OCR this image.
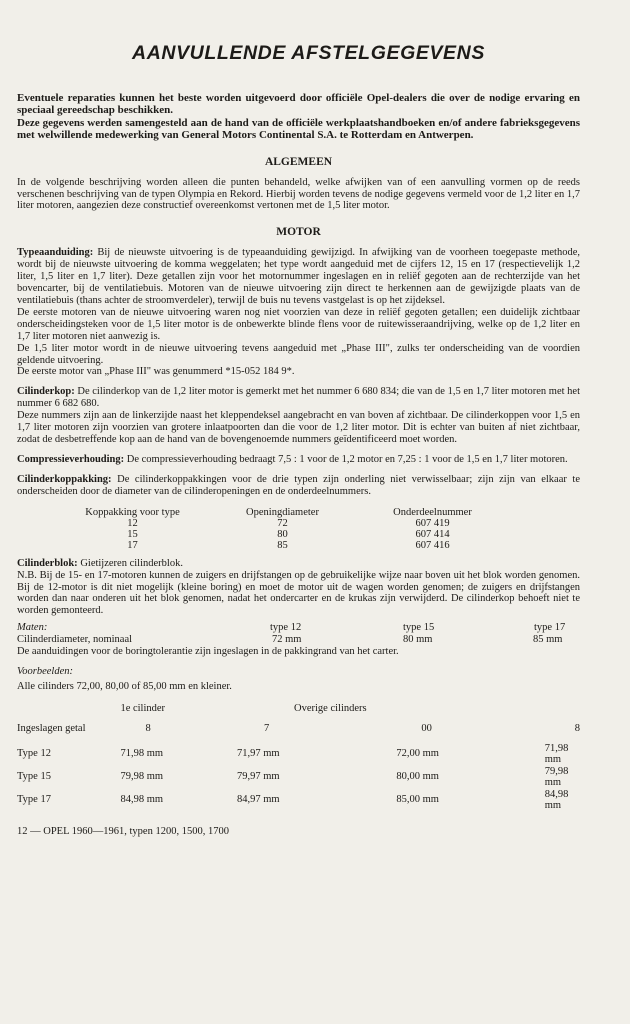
AANVULLENDE AFSTELGEGEVENS

Eventuele reparaties kunnen het beste worden uitgevoerd door officiële Opel-dealers die over de nodige ervaring en speciaal gereedschap beschikken.

Deze gegevens werden samengesteld aan de hand van de officiële werkplaatshandboeken en/of andere fabrieksgegevens met welwillende medewerking van General Motors Continental S.A. te Rotterdam en Antwerpen.

ALGEMEEN

In de volgende beschrijving worden alleen die punten behandeld, welke afwijken van of een aanvulling vormen op de reeds verschenen beschrijving van de typen Olympia en Rekord. Hierbij worden tevens de nodige gegevens vermeld voor de 1,2 liter en 1,7 liter motoren, aangezien deze constructief overeenkomst vertonen met de 1,5 liter motor.

MOTOR

Typeaanduiding: Bij de nieuwste uitvoering is de typeaanduiding gewijzigd. In afwijking van de voorheen toegepaste methode, wordt bij de nieuwste uitvoering de komma weggelaten; het type wordt aangeduid met de cijfers 12, 15 en 17 (respectievelijk 1,2 liter, 1,5 liter en 1,7 liter). Deze getallen zijn voor het motornummer ingeslagen en in reliëf gegoten aan de rechterzijde van het bovencarter, bij de ventilatiebuis. Motoren van de nieuwe uitvoering zijn direct te herkennen aan de gewijzigde plaats van de ventilatiebuis (thans achter de stroomverdeler), terwijl de buis nu tevens vastgelast is op het zijdeksel.

De eerste motoren van de nieuwe uitvoering waren nog niet voorzien van deze in reliëf gegoten getallen; een duidelijk zichtbaar onderscheidingsteken voor de 1,5 liter motor is de onbewerkte blinde flens voor de ruitewisseraandrijving, welke op de 1,2 liter en 1,7 liter motoren niet aanwezig is.

De 1,5 liter motor wordt in de nieuwe uitvoering tevens aangeduid met „Phase III", zulks ter onderscheiding van de voordien geldende uitvoering.

De eerste motor van „Phase III" was genummerd *15-052 184 9*.

Cilinderkop: De cilinderkop van de 1,2 liter motor is gemerkt met het nummer 6 680 834; die van de 1,5 en 1,7 liter motoren met het nummer 6 682 680.

Deze nummers zijn aan de linkerzijde naast het kleppendeksel aangebracht en van boven af zichtbaar. De cilinderkoppen voor 1,5 en 1,7 liter motoren zijn voorzien van grotere inlaatpoorten dan die voor de 1,2 liter motor. Dit is echter van buiten af niet zichtbaar, zodat de desbetreffende kop aan de hand van de bovengenoemde nummers geïdentificeerd moet worden.

Compressieverhouding: De compressieverhouding bedraagt 7,5 : 1 voor de 1,2 motor en 7,25 : 1 voor de 1,5 en 1,7 liter motoren.

Cilinderkoppakking: De cilinderkoppakkingen voor de drie typen zijn onderling niet verwisselbaar; zijn zijn van elkaar te onderscheiden door de diameter van de cilinderopeningen en de onderdeelnummers.

Koppakking voor type	Openingdiameter	Onderdeelnummer
12	72	607 419
15	80	607 414
17	85	607 416

Cilinderblok: Gietijzeren cilinderblok.

N.B. Bij de 15- en 17-motoren kunnen de zuigers en drijfstangen op de gebruikelijke wijze naar boven uit het blok worden genomen. Bij de 12-motor is dit niet mogelijk (kleine boring) en moet de motor uit de wagen worden genomen; de zuigers en drijfstangen worden dan naar onderen uit het blok genomen, nadat het ondercarter en de krukas zijn verwijderd. De cilinderkop behoeft niet te worden gemonteerd.

Maten:	type 12	type 15	type 17
Cilinderdiameter, nominaal	72 mm	80 mm	85 mm

De aanduidingen voor de boringtolerantie zijn ingeslagen in de pakkingrand van het carter.

Voorbeelden:

Alle cilinders 72,00, 80,00 of 85,00 mm en kleiner.

	1e cilinder	Overige cilinders		
Ingeslagen getal	8	7	00	8
Type 12	71,98 mm	71,97 mm	72,00 mm	71,98 mm
Type 15	79,98 mm	79,97 mm	80,00 mm	79,98 mm
Type 17	84,98 mm	84,97 mm	85,00 mm	84,98 mm
12 — OPEL 1960—1961, typen 1200, 1500, 1700
